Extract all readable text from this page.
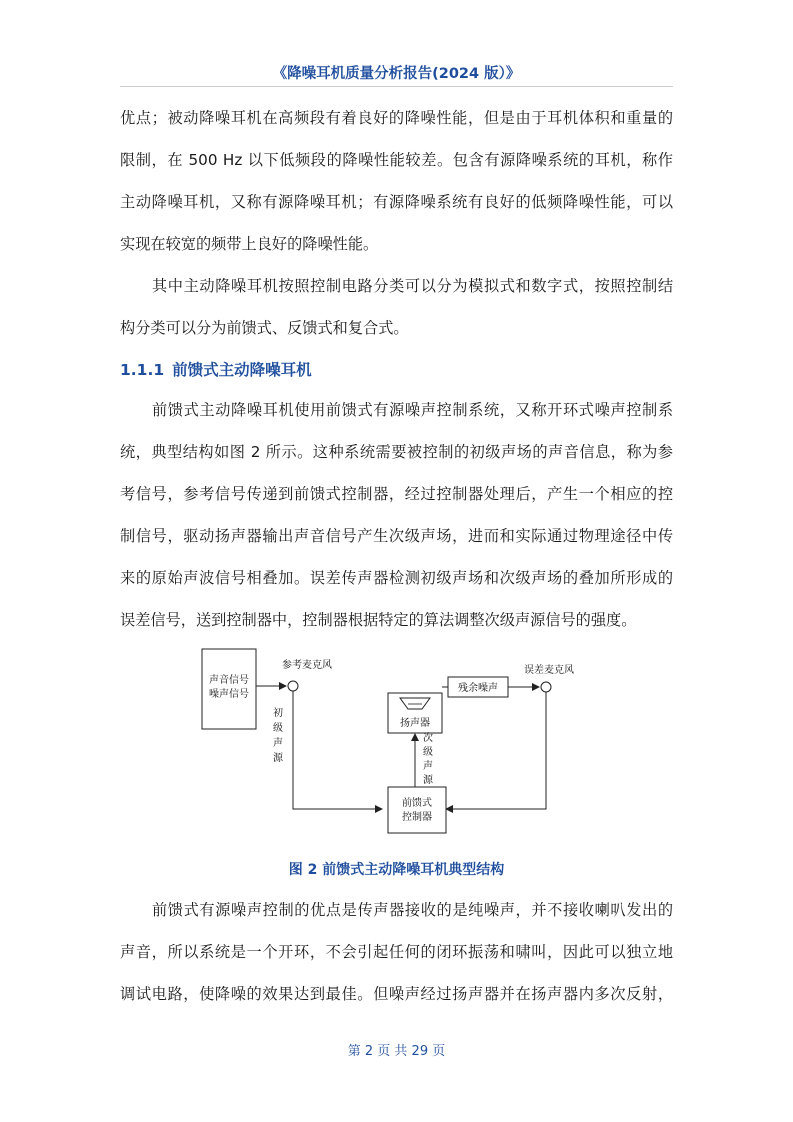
《降噪耳机质量分析报告(2024 版）》
优点；被动降噪耳机在高频段有着良好的降噪性能，但是由于耳机体积和重量的
限制，在 500 Hz 以下低频段的降噪性能较差。包含有源降噪系统的耳机，称作
主动降噪耳机，又称有源降噪耳机；有源降噪系统有良好的低频降噪性能，可以
实现在较宽的频带上良好的降噪性能。
其中主动降噪耳机按照控制电路分类可以分为模拟式和数字式，按照控制结
构分类可以分为前馈式、反馈式和复合式。
1.1.1 前馈式主动降噪耳机
前馈式主动降噪耳机使用前馈式有源噪声控制系统，又称开环式噪声控制系
统，典型结构如图 2 所示。这种系统需要被控制的初级声场的声音信息，称为参
考信号，参考信号传递到前馈式控制器，经过控制器处理后，产生一个相应的控
制信号，驱动扬声器输出声音信号产生次级声场，进而和实际通过物理途径中传
来的原始声波信号相叠加。误差传声器检测初级声场和次级声场的叠加所形成的
误差信号，送到控制器中，控制器根据特定的算法调整次级声源信号的强度。
声音信号
噪声信号
参考麦克风
初
级
声
源
扬声器
残余噪声
误差麦克风
前馈式
控制器
次
级
声
源
图 2 前馈式主动降噪耳机典型结构
前馈式有源噪声控制的优点是传声器接收的是纯噪声，并不接收喇叭发出的
声音，所以系统是一个开环，不会引起任何的闭环振荡和啸叫，因此可以独立地
调试电路，使降噪的效果达到最佳。但噪声经过扬声器并在扬声器内多次反射，
第 2 页 共 29 页
